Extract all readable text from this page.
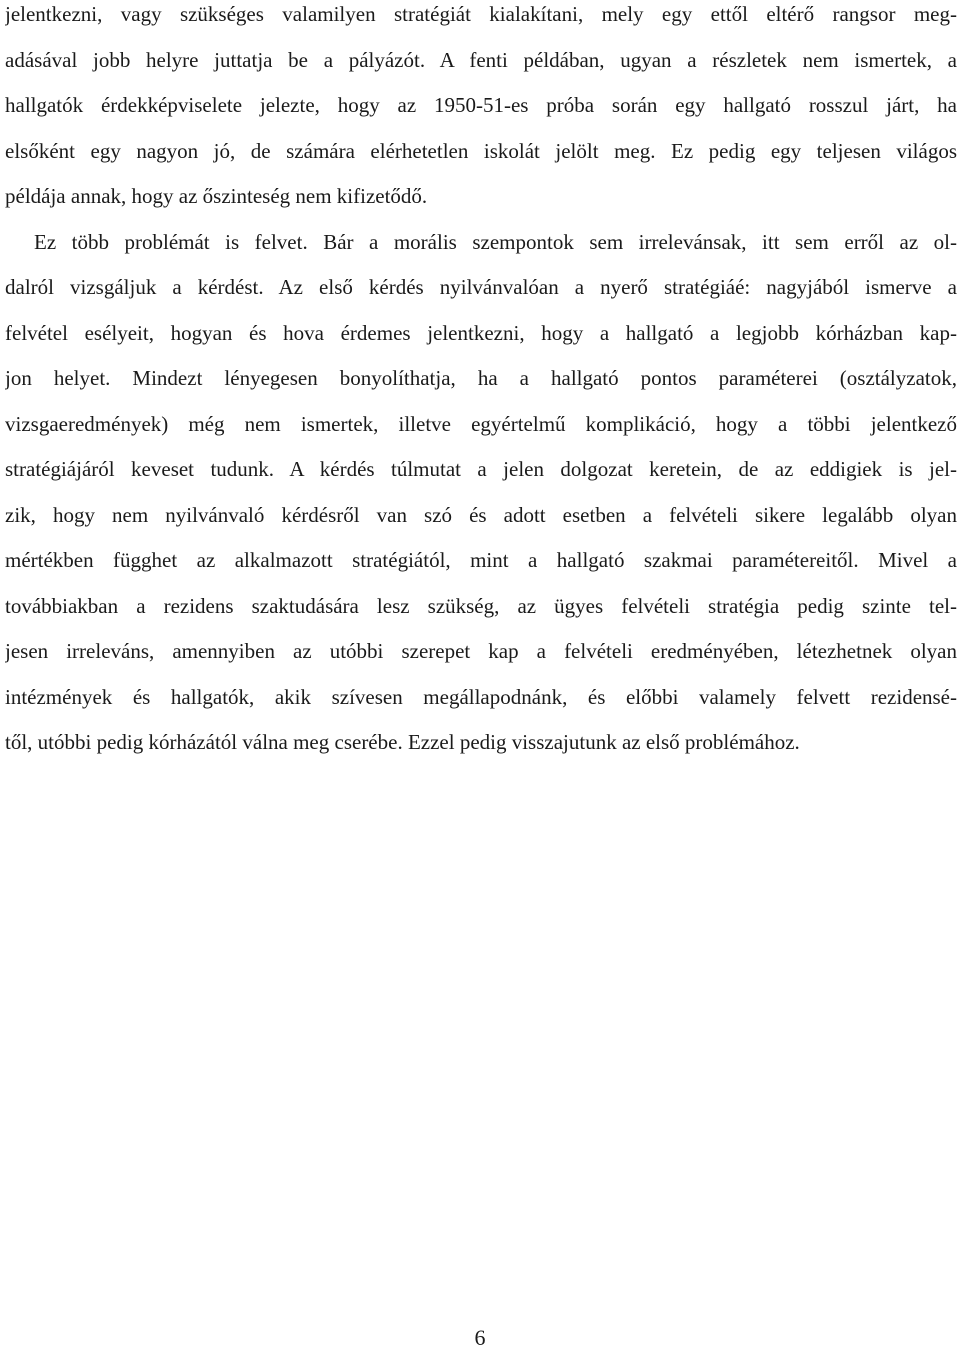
jelentkezni, vagy szükséges valamilyen stratégiát kialakítani, mely egy ettől eltérő rangsor meg-
adásával jobb helyre juttatja be a pályázót. A fenti példában, ugyan a részletek nem ismertek, a
hallgatók érdekképviselete jelezte, hogy az 1950-51-es próba során egy hallgató rosszul járt, ha
elsőként egy nagyon jó, de számára elérhetetlen iskolát jelölt meg. Ez pedig egy teljesen világos
példája annak, hogy az őszinteség nem kifizetődő.
Ez több problémát is felvet. Bár a morális szempontok sem irrelevánsak, itt sem erről az ol-
dalról vizsgáljuk a kérdést. Az első kérdés nyilvánvalóan a nyerő stratégiáé: nagyjából ismerve a
felvétel esélyeit, hogyan és hova érdemes jelentkezni, hogy a hallgató a legjobb kórházban kap-
jon helyet. Mindezt lényegesen bonyolíthatja, ha a hallgató pontos paraméterei (osztályzatok,
vizsgaeredmények) még nem ismertek, illetve egyértelmű komplikáció, hogy a többi jelentkező
stratégiájáról keveset tudunk. A kérdés túlmutat a jelen dolgozat keretein, de az eddigiek is jel-
zik, hogy nem nyilvánvaló kérdésről van szó és adott esetben a felvételi sikere legalább olyan
mértékben függhet az alkalmazott stratégiától, mint a hallgató szakmai paramétereitől. Mivel a
továbbiakban a rezidens szaktudására lesz szükség, az ügyes felvételi stratégia pedig szinte tel-
jesen irreleváns, amennyiben az utóbbi szerepet kap a felvételi eredményében, létezhetnek olyan
intézmények és hallgatók, akik szívesen megállapodnánk, és előbbi valamely felvett rezidensé-
től, utóbbi pedig kórházától válna meg cserébe. Ezzel pedig visszajutunk az első problémához.
6
